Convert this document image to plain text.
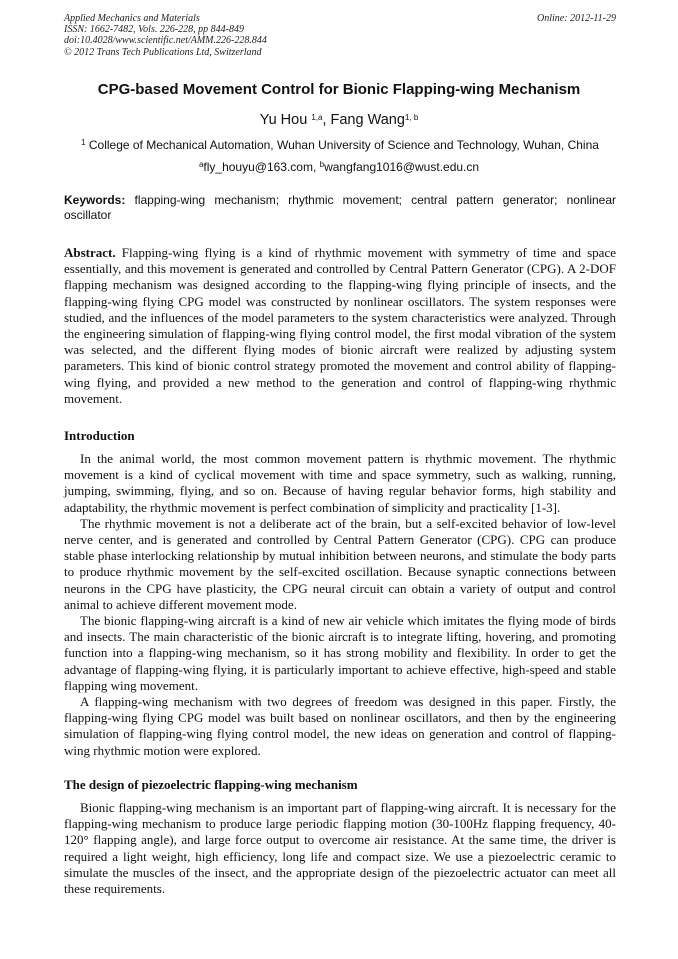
Applied Mechanics and Materials
ISSN: 1662-7482, Vols. 226-228, pp 844-849
doi:10.4028/www.scientific.net/AMM.226-228.844
© 2012 Trans Tech Publications Ltd, Switzerland
Online: 2012-11-29
CPG-based Movement Control for Bionic Flapping-wing Mechanism
Yu Hou $^{1,a}$, Fang Wang$^{1, b}$
$^1$ College of Mechanical Automation, Wuhan University of Science and Technology, Wuhan, China
$^a$fly_houyu@163.com, $^b$wangfang1016@wust.edu.cn
Keywords: flapping-wing mechanism; rhythmic movement; central pattern generator; nonlinear oscillator

Abstract. Flapping-wing flying is a kind of rhythmic movement with symmetry of time and space essentially, and this movement is generated and controlled by Central Pattern Generator (CPG). A 2-DOF flapping mechanism was designed according to the flapping-wing flying principle of insects, and the flapping-wing flying CPG model was constructed by nonlinear oscillators. The system responses were studied, and the influences of the model parameters to the system characteristics were analyzed. Through the engineering simulation of flapping-wing flying control model, the first modal vibration of the system was selected, and the different flying modes of bionic aircraft were realized by adjusting system parameters. This kind of bionic control strategy promoted the movement and control ability of flapping-wing flying, and provided a new method to the generation and control of flapping-wing rhythmic movement.

Introduction

In the animal world, the most common movement pattern is rhythmic movement. The rhythmic movement is a kind of cyclical movement with time and space symmetry, such as walking, running, jumping, swimming, flying, and so on. Because of having regular behavior forms, high stability and adaptability, the rhythmic movement is perfect combination of simplicity and practicality [1-3].

The rhythmic movement is not a deliberate act of the brain, but a self-excited behavior of low-level nerve center, and is generated and controlled by Central Pattern Generator (CPG). CPG can produce stable phase interlocking relationship by mutual inhibition between neurons, and stimulate the body parts to produce rhythmic movement by the self-excited oscillation. Because synaptic connections between neurons in the CPG have plasticity, the CPG neural circuit can obtain a variety of output and control animal to achieve different movement mode.

The bionic flapping-wing aircraft is a kind of new air vehicle which imitates the flying mode of birds and insects. The main characteristic of the bionic aircraft is to integrate lifting, hovering, and promoting function into a flapping-wing mechanism, so it has strong mobility and flexibility. In order to get the advantage of flapping-wing flying, it is particularly important to achieve effective, high-speed and stable flapping wing movement.

A flapping-wing mechanism with two degrees of freedom was designed in this paper. Firstly, the flapping-wing flying CPG model was built based on nonlinear oscillators, and then by the engineering simulation of flapping-wing flying control model, the new ideas on generation and control of flapping-wing rhythmic motion were explored.

The design of piezoelectric flapping-wing mechanism

Bionic flapping-wing mechanism is an important part of flapping-wing aircraft. It is necessary for the flapping-wing mechanism to produce large periodic flapping motion (30-100Hz flapping frequency, 40-120° flapping angle), and large force output to overcome air resistance. At the same time, the driver is required a light weight, high efficiency, long life and compact size. We use a piezoelectric ceramic to simulate the muscles of the insect, and the appropriate design of the piezoelectric actuator can meet all these requirements.
